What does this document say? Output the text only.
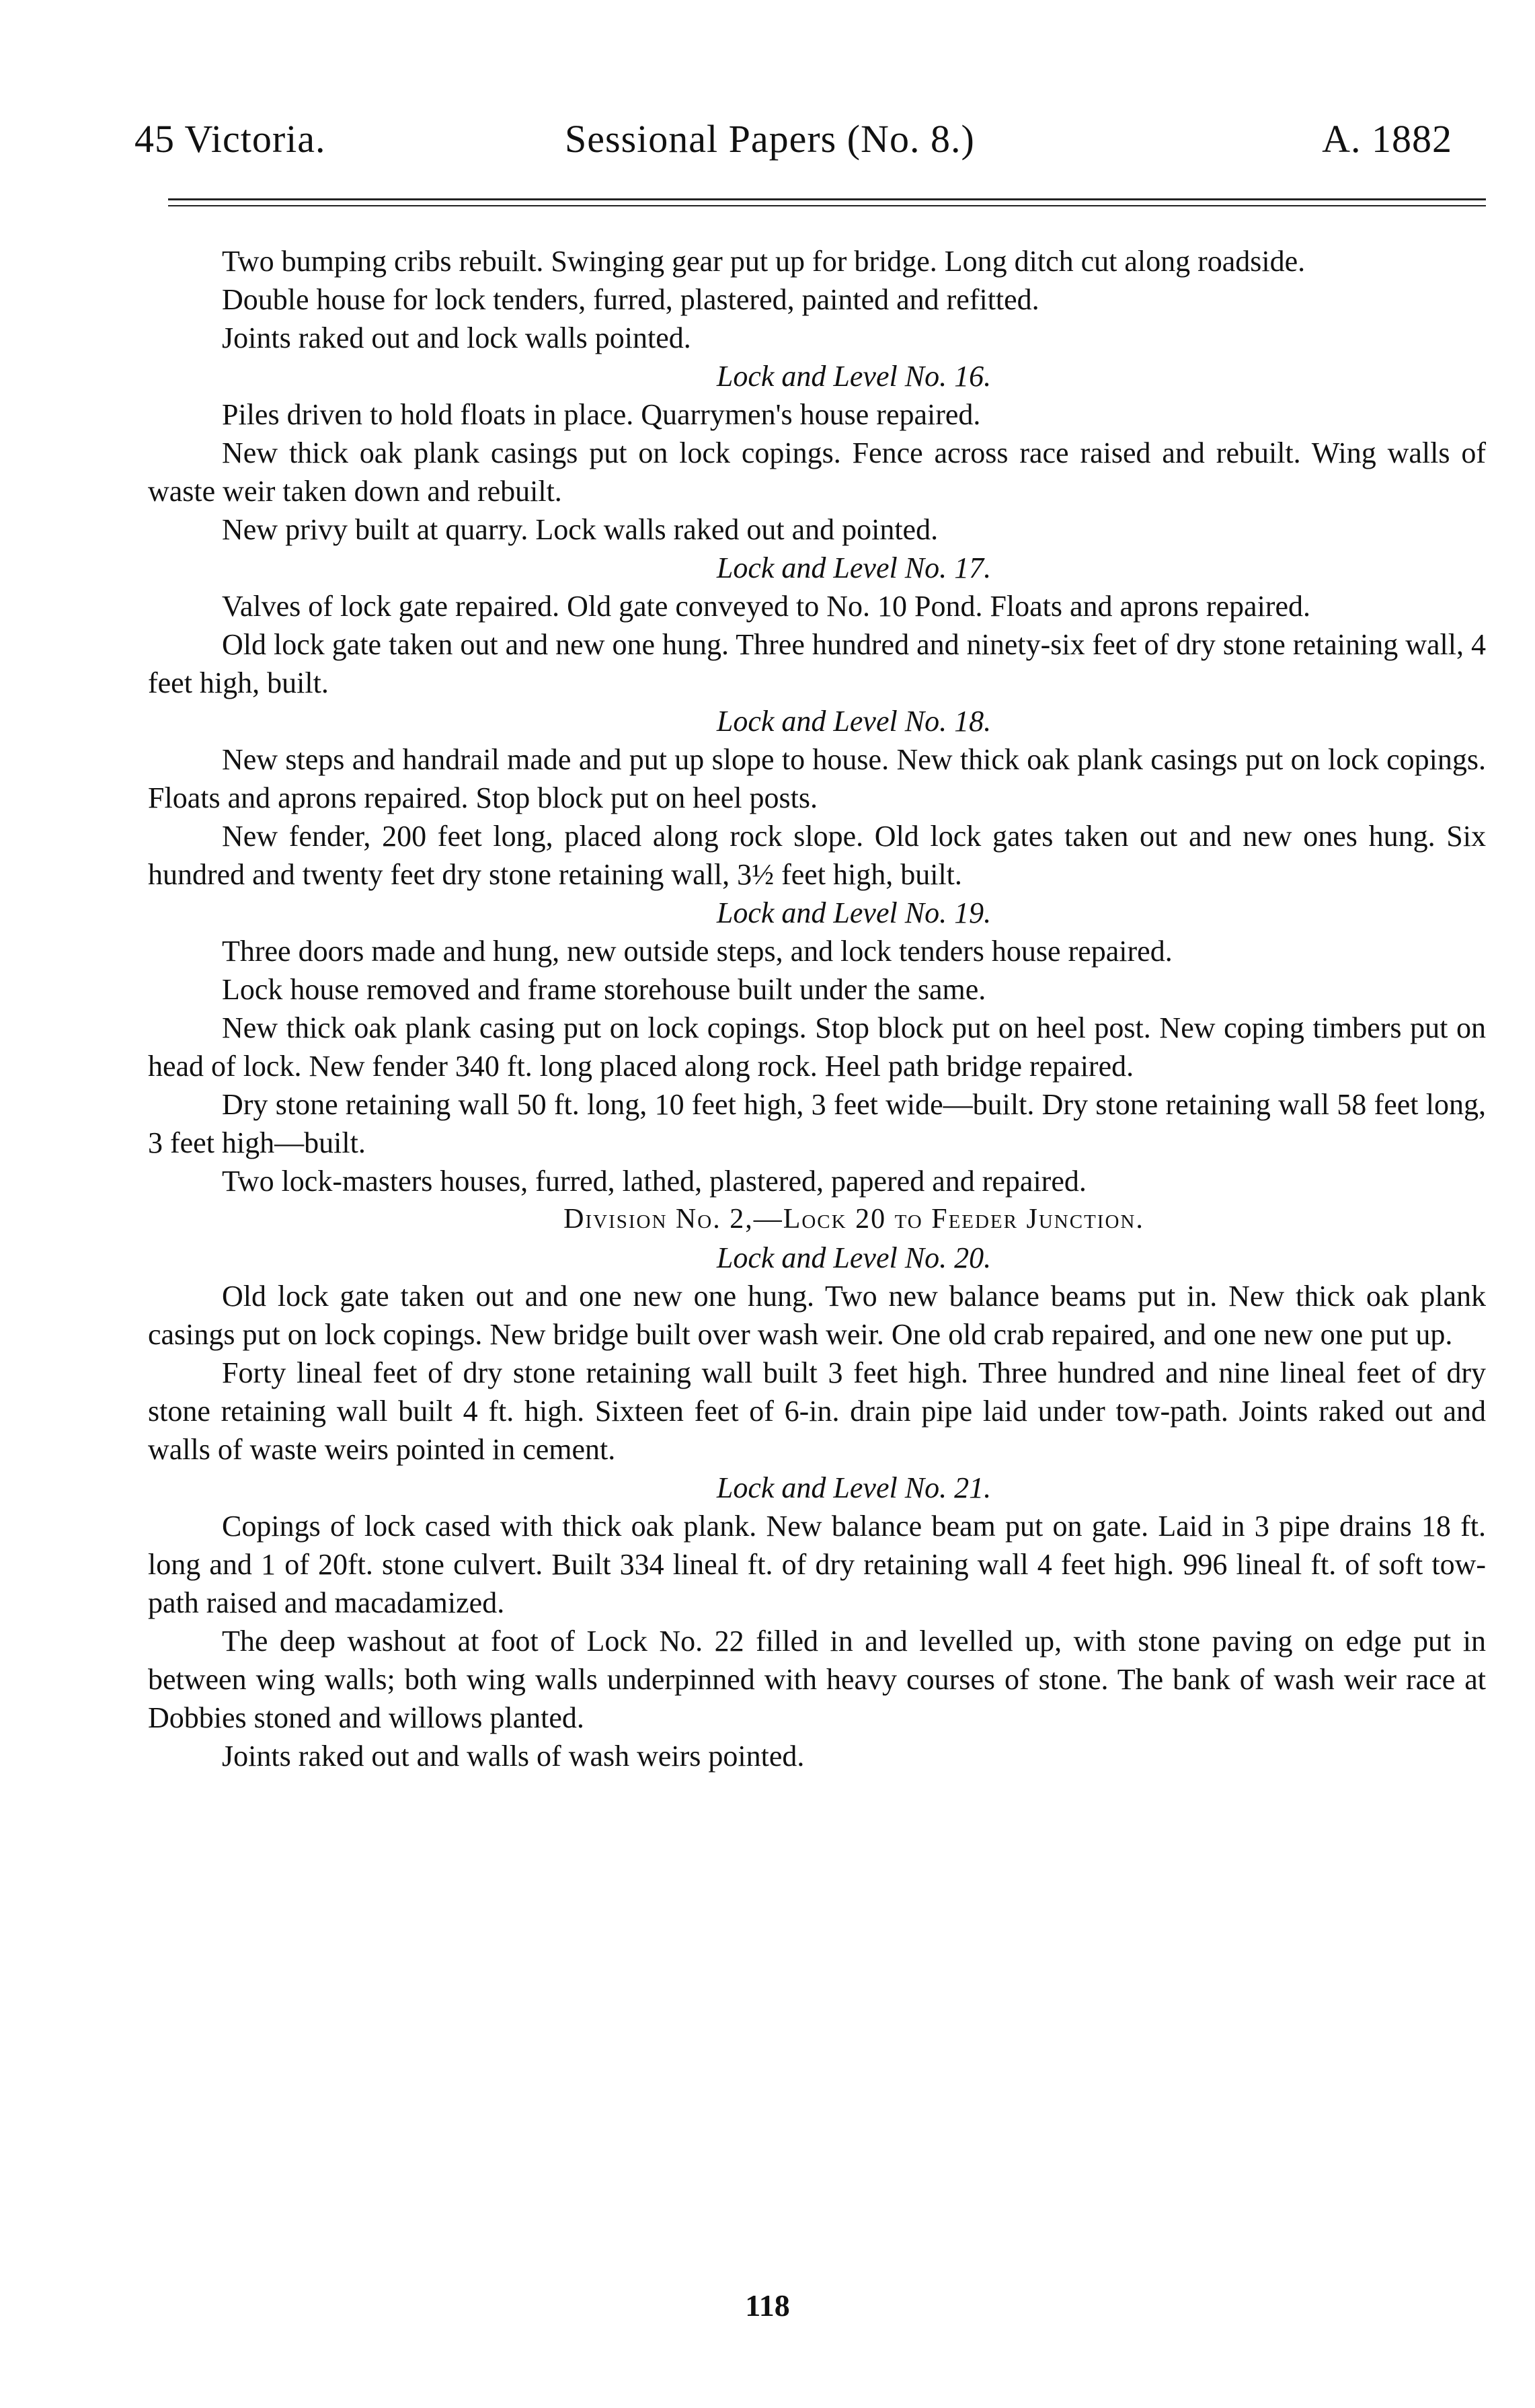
45 Victoria.	Sessional Papers (No. 8.)	A. 1882

Two bumping cribs rebuilt. Swinging gear put up for bridge. Long ditch cut along roadside.

Double house for lock tenders, furred, plastered, painted and refitted.

Joints raked out and lock walls pointed.

Lock and Level No. 16.

Piles driven to hold floats in place. Quarrymen's house repaired.

New thick oak plank casings put on lock copings. Fence across race raised and rebuilt. Wing walls of waste weir taken down and rebuilt.

New privy built at quarry. Lock walls raked out and pointed.

Lock and Level No. 17.

Valves of lock gate repaired. Old gate conveyed to No. 10 Pond. Floats and aprons repaired.

Old lock gate taken out and new one hung. Three hundred and ninety-six feet of dry stone retaining wall, 4 feet high, built.

Lock and Level No. 18.

New steps and handrail made and put up slope to house. New thick oak plank casings put on lock copings. Floats and aprons repaired. Stop block put on heel posts.

New fender, 200 feet long, placed along rock slope. Old lock gates taken out and new ones hung. Six hundred and twenty feet dry stone retaining wall, 3½ feet high, built.

Lock and Level No. 19.

Three doors made and hung, new outside steps, and lock tenders house repaired.

Lock house removed and frame storehouse built under the same.

New thick oak plank casing put on lock copings. Stop block put on heel post. New coping timbers put on head of lock. New fender 340 ft. long placed along rock. Heel path bridge repaired.

Dry stone retaining wall 50 ft. long, 10 feet high, 3 feet wide—built. Dry stone retaining wall 58 feet long, 3 feet high—built.

Two lock-masters houses, furred, lathed, plastered, papered and repaired.

Division No. 2,—Lock 20 to Feeder Junction.

Lock and Level No. 20.

Old lock gate taken out and one new one hung. Two new balance beams put in. New thick oak plank casings put on lock copings. New bridge built over wash weir. One old crab repaired, and one new one put up.

Forty lineal feet of dry stone retaining wall built 3 feet high. Three hundred and nine lineal feet of dry stone retaining wall built 4 ft. high. Sixteen feet of 6-in. drain pipe laid under tow-path. Joints raked out and walls of waste weirs pointed in cement.

Lock and Level No. 21.

Copings of lock cased with thick oak plank. New balance beam put on gate. Laid in 3 pipe drains 18 ft. long and 1 of 20ft. stone culvert. Built 334 lineal ft. of dry retaining wall 4 feet high. 996 lineal ft. of soft tow-path raised and macadamized.

The deep washout at foot of Lock No. 22 filled in and levelled up, with stone paving on edge put in between wing walls; both wing walls underpinned with heavy courses of stone. The bank of wash weir race at Dobbies stoned and willows planted.

Joints raked out and walls of wash weirs pointed.

118
